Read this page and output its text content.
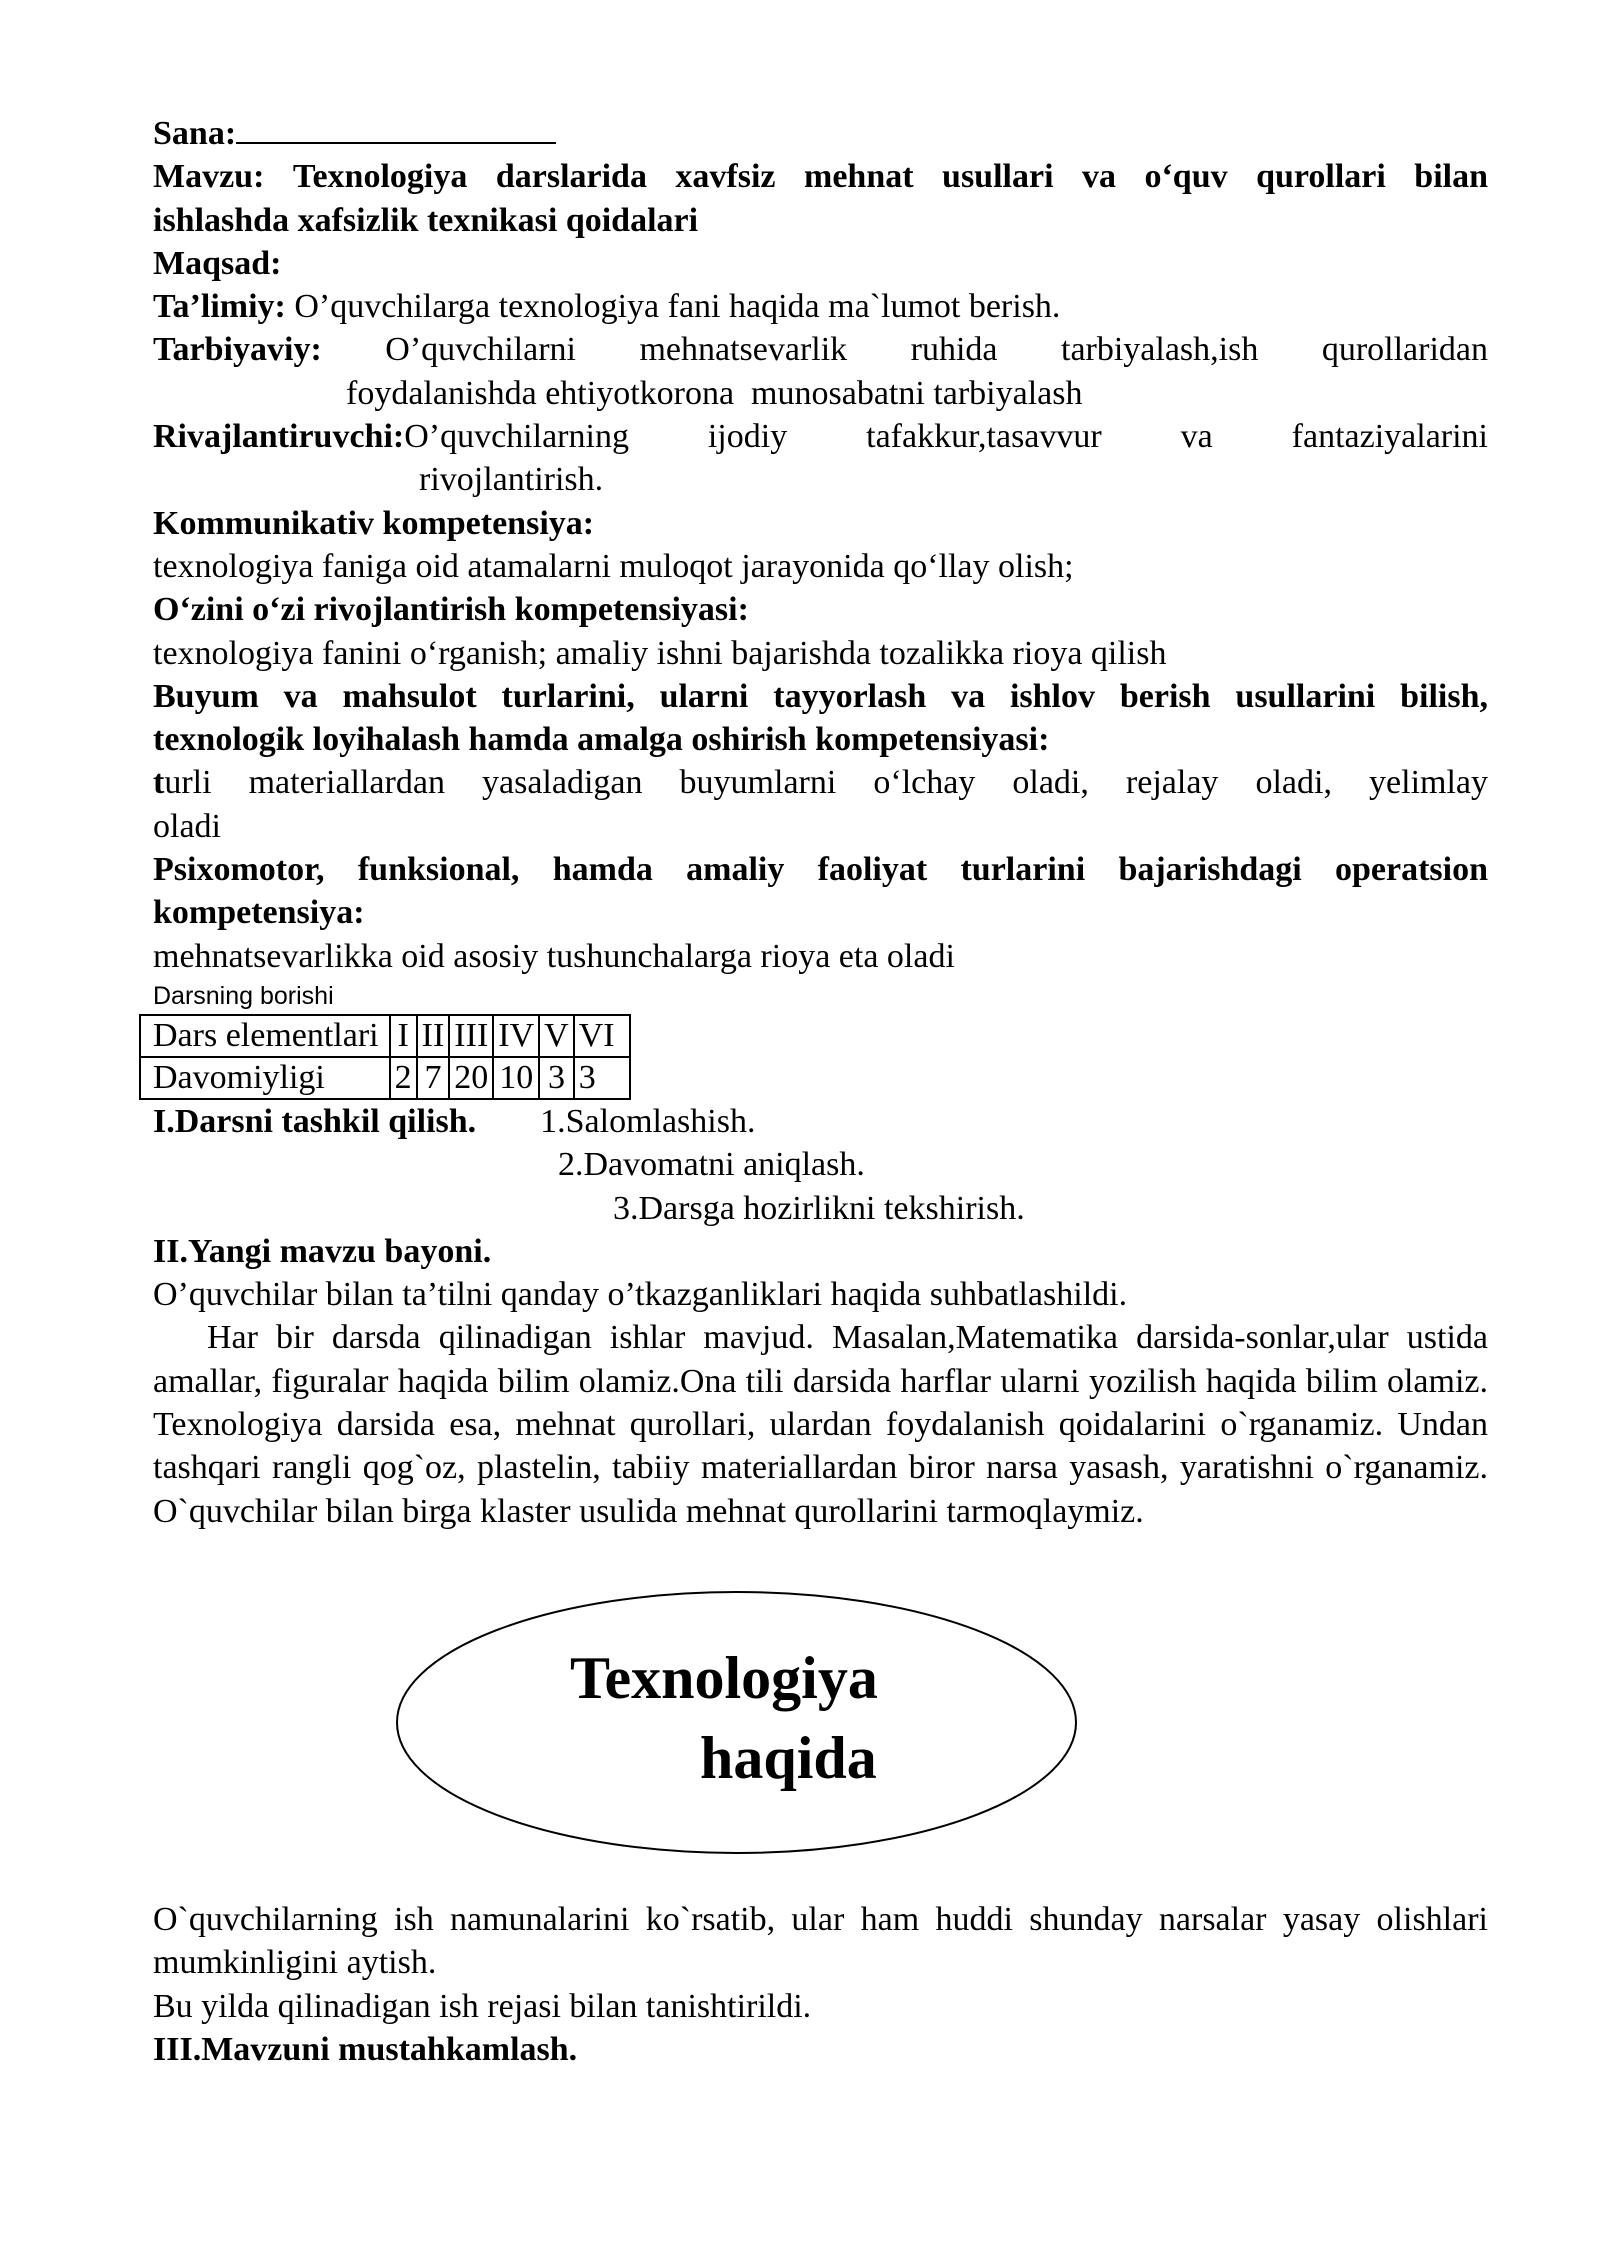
Sana:
Mavzu: Texnologiya darslarida xavfsiz mehnat usullari va o‘quv qurollari bilan
ishlashda xafsizlik texnikasi qoidalari
Maqsad:
Ta’limiy: O’quvchilarga texnologiya fani haqida ma`lumot berish.
Tarbiyaviy: O’quvchilarni mehnatsevarlik ruhida tarbiyalash,ish qurollaridan
foydalanishda ehtiyotkorona  munosabatni tarbiyalash
Rivajlantiruvchi:O’quvchilarning ijodiy tafakkur,tasavvur va fantaziyalarini
rivojlantirish.
Kommunikativ kompetensiya:
texnologiya faniga oid atamalarni muloqot jarayonida qo‘llay olish;
O‘zini o‘zi rivojlantirish kompetensiyasi:
texnologiya fanini o‘rganish; amaliy ishni bajarishda tozalikka rioya qilish
Buyum va mahsulot turlarini, ularni tayyorlash va ishlov berish usullarini bilish,
texnologik loyihalash hamda amalga oshirish kompetensiyasi:
turli materiallardan yasaladigan buyumlarni o‘lchay oladi, rejalay oladi, yelimlay
oladi
Psixomotor, funksional, hamda amaliy faoliyat turlarini bajarishdagi operatsion
kompetensiya:
mehnatsevarlikka oid asosiy tushunchalarga rioya eta oladi
Darsning borishi
Dars elementlari	I	II	III	IV	V	VI
Davomiyligi	2	7	20	10	3	3
I.Darsni tashkil qilish. 1.Salomlashish.
2.Davomatni aniqlash.
3.Darsga hozirlikni tekshirish.
II.Yangi mavzu bayoni.
O’quvchilar bilan ta’tilni qanday o’tkazganliklari haqida suhbatlashildi.
Har bir darsda qilinadigan ishlar mavjud. Masalan,Matematika darsida-sonlar,ular ustida amallar, figuralar haqida bilim olamiz.Ona tili darsida harflar ularni yozilish haqida bilim olamiz. Texnologiya darsida esa, mehnat qurollari, ulardan foydalanish qoidalarini o`rganamiz. Undan tashqari rangli qog`oz, plastelin, tabiiy materiallardan biror narsa yasash, yaratishni o`rganamiz. O`quvchilar bilan birga klaster usulida mehnat qurollarini tarmoqlaymiz.
Texnologiya
haqida
O`quvchilarning ish namunalarini ko`rsatib, ular ham huddi shunday narsalar yasay olishlari mumkinligini aytish.
Bu yilda qilinadigan ish rejasi bilan tanishtirildi.
III.Mavzuni mustahkamlash.
